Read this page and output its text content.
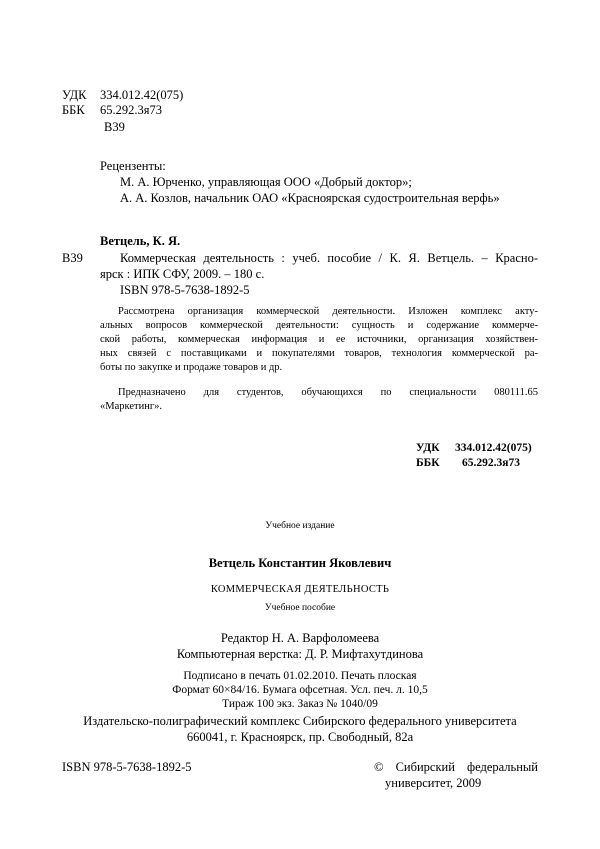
УДК 334.012.42(075)
ББК 65.292.3я73
В39
Рецензенты:
М. А. Юрченко, управляющая ООО «Добрый доктор»;
А. А. Козлов, начальник ОАО «Красноярская судостроительная верфь»
Ветцель, К. Я.
В39	Коммерческая деятельность : учеб. пособие / К. Я. Ветцель. – Красно-
ярск : ИПК СФУ, 2009. – 180 с.
ISBN 978-5-7638-1892-5
Рассмотрена организация коммерческой деятельности. Изложен комплекс акту-
альных вопросов коммерческой деятельности: сущность и содержание коммерче-
ской работы, коммерческая информация и ее источники, организация хозяйствен-
ных связей с поставщиками и покупателями товаров, технология коммерческой ра-
боты по закупке и продаже товаров и др.
Предназначено для студентов, обучающихся по специальности 080111.65
«Маркетинг».
УДК 334.012.42(075)
ББК 65.292.3я73
Учебное издание
Ветцель Константин Яковлевич
КОММЕРЧЕСКАЯ ДЕЯТЕЛЬНОСТЬ
Учебное пособие
Редактор Н. А. Варфоломеева
Компьютерная верстка: Д. Р. Мифтахутдинова
Подписано в печать 01.02.2010. Печать плоская
Формат 60×84/16. Бумага офсетная. Усл. печ. л. 10,5
Тираж 100 экз. Заказ № 1040/09
Издательско-полиграфический комплекс Сибирского федерального университета
660041, г. Красноярск, пр. Свободный, 82а
ISBN 978-5-7638-1892-5	© Сибирский федеральный
университет, 2009
